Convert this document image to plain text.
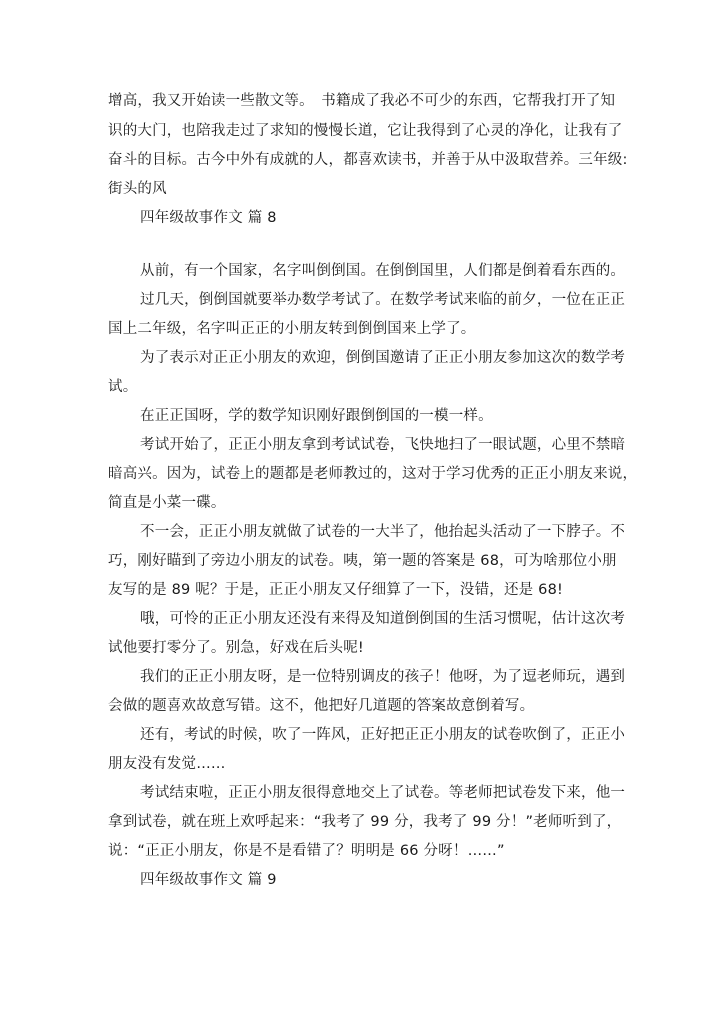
增高，我又开始读一些散文等。　书籍成了我必不可少的东西，它帮我打开了知
识的大门，也陪我走过了求知的慢慢长道，它让我得到了心灵的净化，让我有了
奋斗的目标。古今中外有成就的人，都喜欢读书，并善于从中汲取营养。三年级:
街头的风
四年级故事作文 篇 8
从前，有一个国家，名字叫倒倒国。在倒倒国里，人们都是倒着看东西的。
过几天，倒倒国就要举办数学考试了。在数学考试来临的前夕，一位在正正
国上二年级，名字叫正正的小朋友转到倒倒国来上学了。
为了表示对正正小朋友的欢迎，倒倒国邀请了正正小朋友参加这次的数学考
试。
在正正国呀，学的数学知识刚好跟倒倒国的一模一样。
考试开始了，正正小朋友拿到考试试卷，飞快地扫了一眼试题，心里不禁暗
暗高兴。因为，试卷上的题都是老师教过的，这对于学习优秀的正正小朋友来说，
简直是小菜一碟。
不一会，正正小朋友就做了试卷的一大半了，他抬起头活动了一下脖子。不
巧，刚好瞄到了旁边小朋友的试卷。咦，第一题的答案是 68，可为啥那位小朋
友写的是 89 呢？于是，正正小朋友又仔细算了一下，没错，还是 68!
哦，可怜的正正小朋友还没有来得及知道倒倒国的生活习惯呢，估计这次考
试他要打零分了。别急，好戏在后头呢!
我们的正正小朋友呀，是一位特别调皮的孩子！他呀，为了逗老师玩，遇到
会做的题喜欢故意写错。这不，他把好几道题的答案故意倒着写。
还有，考试的时候，吹了一阵风，正好把正正小朋友的试卷吹倒了，正正小
朋友没有发觉……
考试结束啦，正正小朋友很得意地交上了试卷。等老师把试卷发下来，他一
拿到试卷，就在班上欢呼起来：“我考了 99 分，我考了 99 分！”老师听到了，
说：“正正小朋友，你是不是看错了？明明是 66 分呀！……”
四年级故事作文 篇 9
